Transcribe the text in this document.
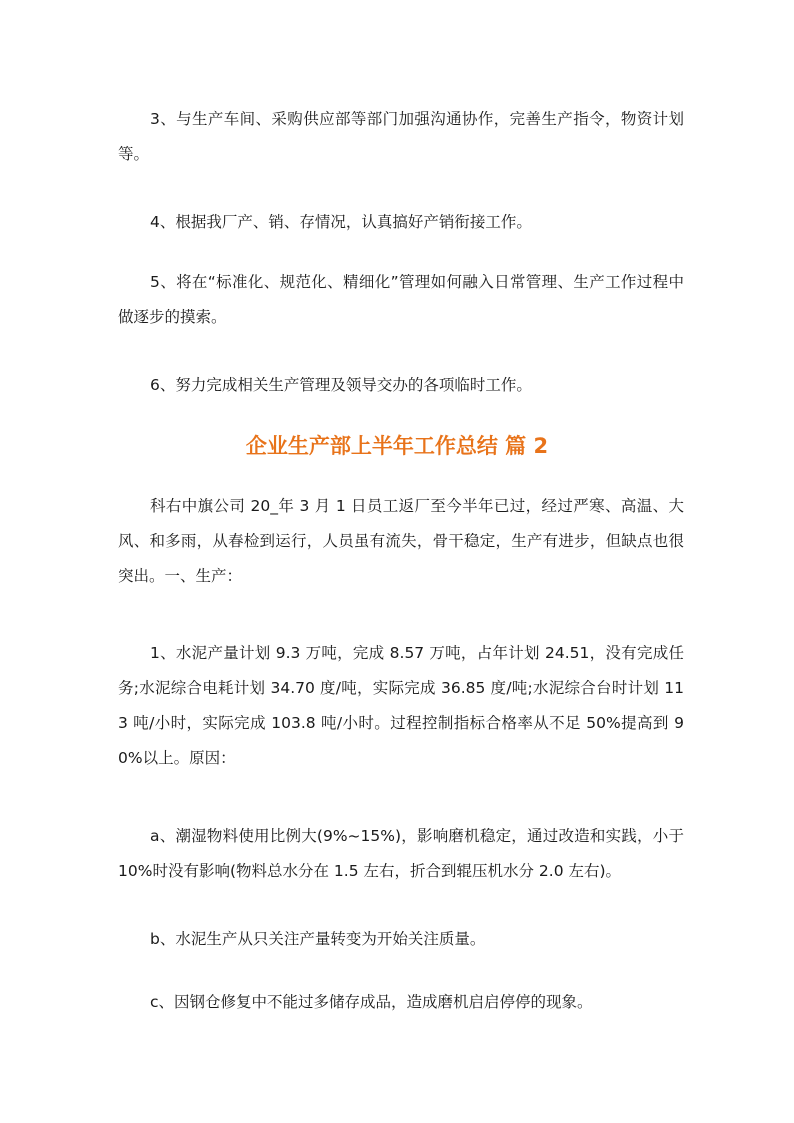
3、与生产车间、采购供应部等部门加强沟通协作，完善生产指令，物资计划等。

4、根据我厂产、销、存情况，认真搞好产销衔接工作。

5、将在“标准化、规范化、精细化”管理如何融入日常管理、生产工作过程中做逐步的摸索。

6、努力完成相关生产管理及领导交办的各项临时工作。

企业生产部上半年工作总结 篇 2

科右中旗公司 20_年 3 月 1 日员工返厂至今半年已过，经过严寒、高温、大风、和多雨，从春检到运行，人员虽有流失，骨干稳定，生产有进步，但缺点也很突出。一、生产：

1、水泥产量计划 9.3 万吨，完成 8.57 万吨，占年计划 24.51，没有完成任务;水泥综合电耗计划 34.70 度/吨，实际完成 36.85 度/吨;水泥综合台时计划 113 吨/小时，实际完成 103.8 吨/小时。过程控制指标合格率从不足 50%提高到 90%以上。原因：

a、潮湿物料使用比例大(9%~15%)，影响磨机稳定，通过改造和实践，小于 10%时没有影响(物料总水分在 1.5 左右，折合到辊压机水分 2.0 左右)。

b、水泥生产从只关注产量转变为开始关注质量。

c、因钢仓修复中不能过多储存成品，造成磨机启启停停的现象。
